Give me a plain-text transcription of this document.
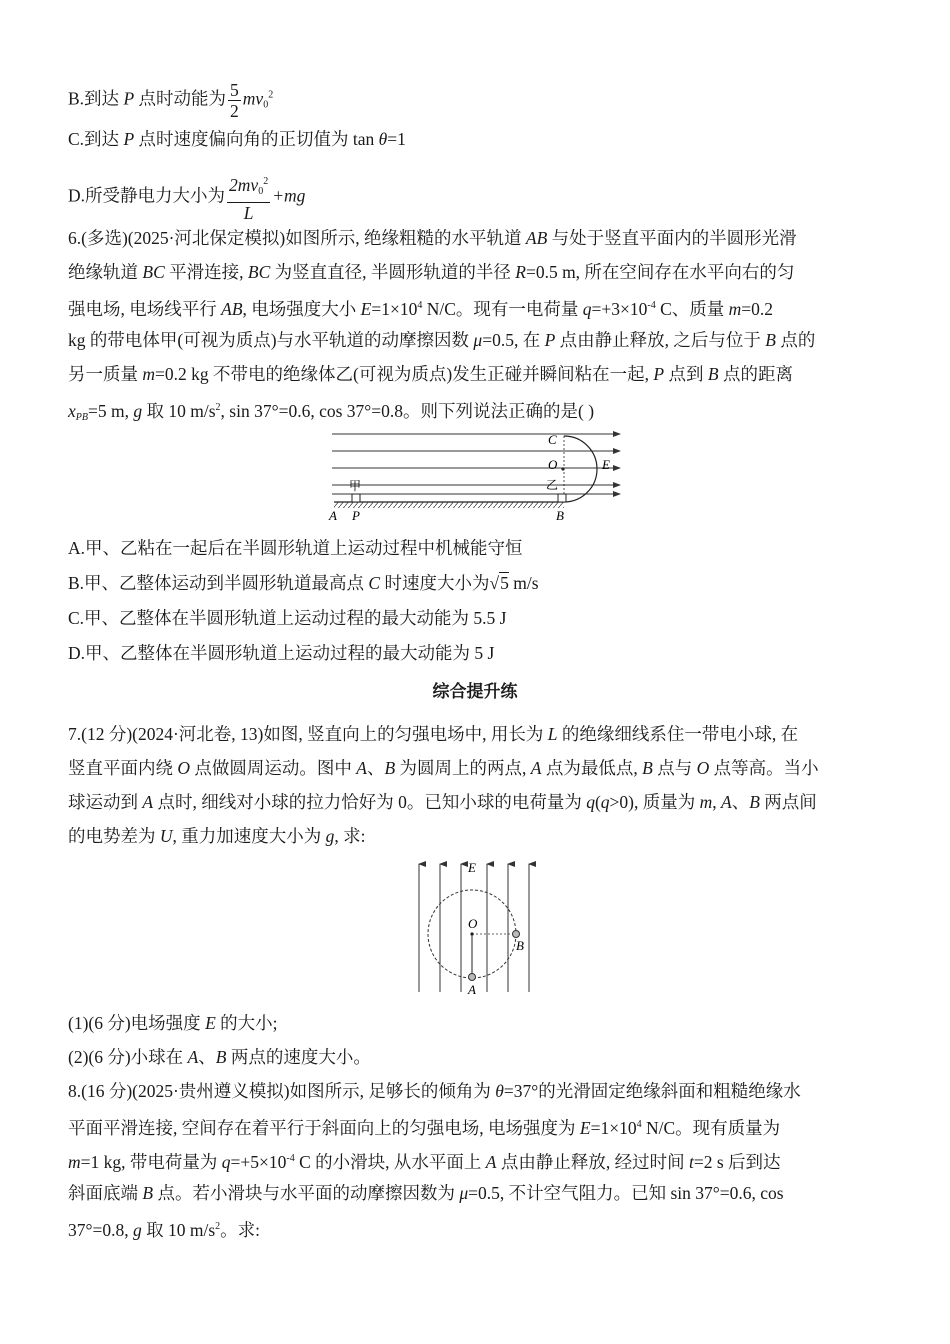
B.到达 P 点时动能为 $\frac{5}{2} mv_0^2$
C.到达 P 点时速度偏向角的正切值为 tan θ=1
D.所受静电力大小为 $\frac{2mv_0^2}{L} +mg$
6.(多选)(2025·河北保定模拟)如图所示, 绝缘粗糙的水平轨道 AB 与处于竖直平面内的半圆形光滑
绝缘轨道 BC 平滑连接, BC 为竖直直径, 半圆形轨道的半径 R=0.5 m, 所在空间存在水平向右的匀
强电场, 电场线平行 AB, 电场强度大小 $E=1\times 10^4$ N/C。现有一电荷量 $q=+3\times 10^{-4}$ C、质量 m=0.2
kg 的带电体甲(可视为质点)与水平轨道的动摩擦因数 μ=0.5, 在 P 点由静止释放, 之后与位于 B 点的
另一质量 m=0.2 kg 不带电的绝缘体乙(可视为质点)发生正碰并瞬间粘在一起, P 点到 B 点的距离
$x_{PB}=5$ m, g 取 10 $m/s^2$, sin 37°=0.6, cos 37°=0.8。则下列说法正确的是( )
C
O	E
乙
甲
A P	B
A.甲、乙粘在一起后在半圆形轨道上运动过程中机械能守恒
B.甲、乙整体运动到半圆形轨道最高点 C 时速度大小为√5 m/s
C.甲、乙整体在半圆形轨道上运动过程的最大动能为 5.5 J
D.甲、乙整体在半圆形轨道上运动过程的最大动能为 5 J
综合提升练
7.(12 分)(2024·河北卷, 13)如图, 竖直向上的匀强电场中, 用长为 L 的绝缘细线系住一带电小球, 在
竖直平面内绕 O 点做圆周运动。图中 A、B 为圆周上的两点, A 点为最低点, B 点与 O 点等高。当小
球运动到 A 点时, 细线对小球的拉力恰好为 0。已知小球的电荷量为 q(q>0), 质量为 m, A、B 两点间
的电势差为 U, 重力加速度大小为 g, 求:
E
O
B
A
(1)(6 分)电场强度 E 的大小;
(2)(6 分)小球在 A、B 两点的速度大小。
8.(16 分)(2025·贵州遵义模拟)如图所示, 足够长的倾角为 θ=37°的光滑固定绝缘斜面和粗糙绝缘水
平面平滑连接, 空间存在着平行于斜面向上的匀强电场, 电场强度为 $E=1\times 10^4$ N/C。现有质量为
m=1 kg, 带电荷量为 $q=+5\times 10^{-4}$ C 的小滑块, 从水平面上 A 点由静止释放, 经过时间 t=2 s 后到达
斜面底端 B 点。若小滑块与水平面的动摩擦因数为 μ=0.5, 不计空气阻力。已知 sin 37°=0.6, cos
37°=0.8, g 取 10 $m/s^2$。求:
